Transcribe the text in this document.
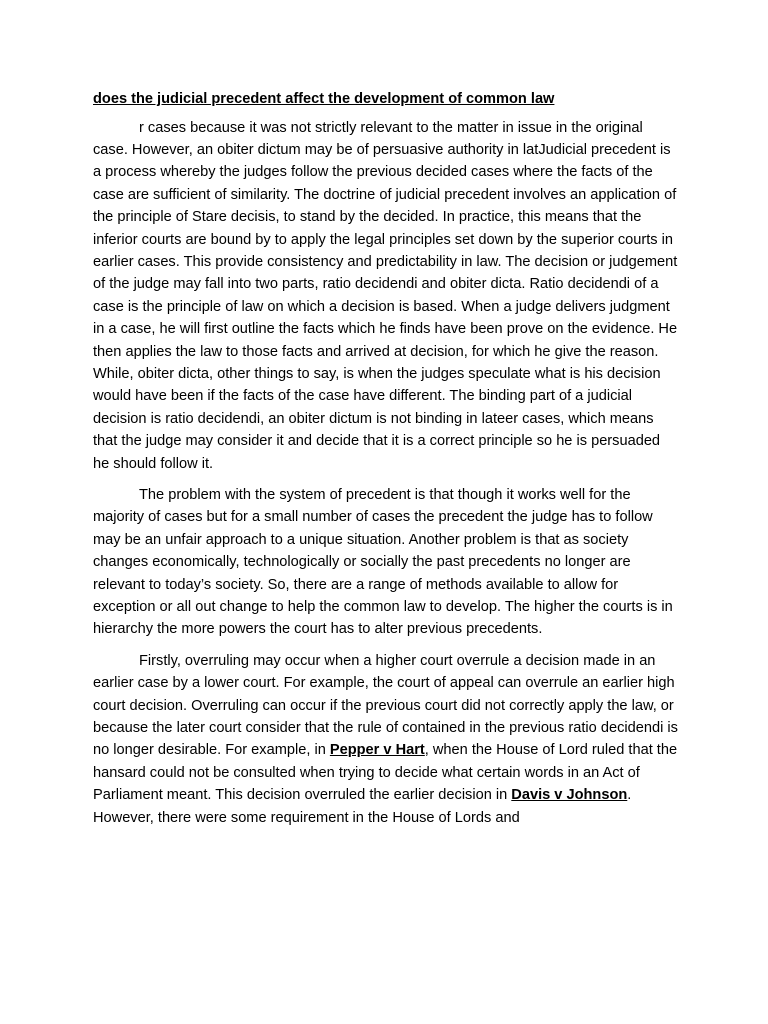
does the judicial precedent affect the development of common law

r cases because it was not strictly relevant to the matter in issue in the original case. However, an obiter dictum may be of persuasive authority in latJudicial precedent is a process whereby the judges follow the previous decided cases where the facts of the case are sufficient of similarity. The doctrine of judicial precedent involves an application of the principle of Stare decisis, to stand by the decided. In practice, this means that the inferior courts are bound by to apply the legal principles set down by the superior courts in earlier cases. This provide consistency and predictability in law. The decision or judgement of the judge may fall into two parts, ratio decidendi and obiter dicta. Ratio decidendi of a case is the principle of law on which a decision is based. When a judge delivers judgment in a case, he will first outline the facts which he finds have been prove on the evidence. He then applies the law to those facts and arrived at decision, for which he give the reason. While, obiter dicta, other things to say, is when the judges speculate what is his decision would have been if the facts of the case have different. The binding part of a judicial decision is ratio decidendi, an obiter dictum is not binding in lateer cases, which means that the judge may consider it and decide that it is a correct principle so he is persuaded he should follow it.

The problem with the system of precedent is that though it works well for the majority of cases but for a small number of cases the precedent the judge has to follow may be an unfair approach to a unique situation. Another problem is that as society changes economically, technologically or socially the past precedents no longer are relevant to today’s society. So, there are a range of methods available to allow for exception or all out change to help the common law to develop. The higher the courts is in hierarchy the more powers the court has to alter previous precedents.

Firstly, overruling may occur when a higher court overrule a decision made in an earlier case by a lower court. For example, the court of appeal can overrule an earlier high court decision. Overruling can occur if the previous court did not correctly apply the law, or because the later court consider that the rule of contained in the previous ratio decidendi is no longer desirable. For example, in Pepper v Hart, when the House of Lord ruled that the hansard could not be consulted when trying to decide what certain words in an Act of Parliament meant. This decision overruled the earlier decision in Davis v Johnson. However, there were some requirement in the House of Lords and
